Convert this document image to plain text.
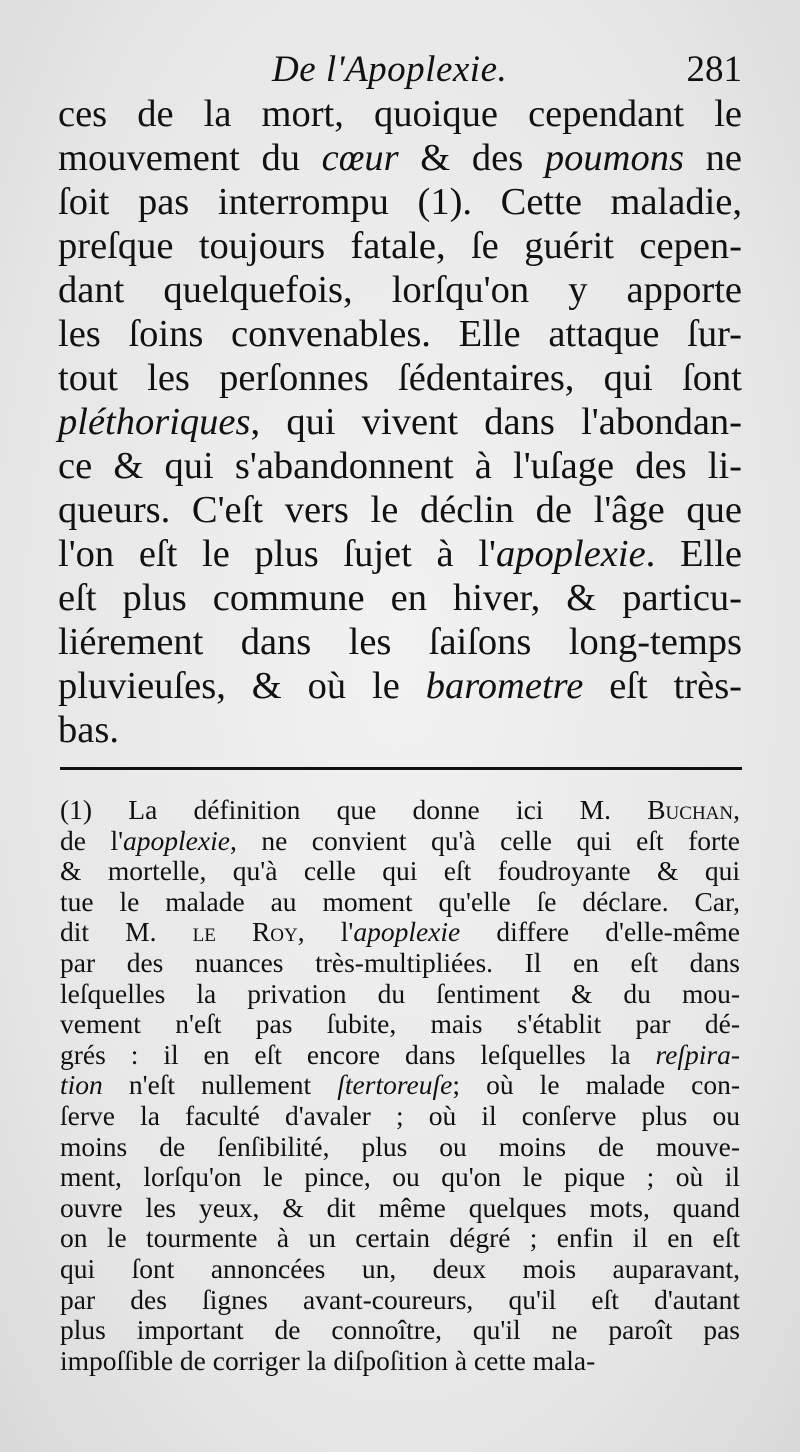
De l'Apoplexie.	281

ces de la mort, quoique cependant le
mouvement du cœur & des poumons ne
ſoit pas interrompu (1). Cette maladie,
preſque toujours fatale, ſe guérit cepen-
dant quelquefois, lorſqu'on y apporte
les ſoins convenables. Elle attaque ſur-
tout les perſonnes ſédentaires, qui ſont
pléthoriques, qui vivent dans l'abondan-
ce & qui s'abandonnent à l'uſage des li-
queurs. C'eſt vers le déclin de l'âge que
l'on eſt le plus ſujet à l'apoplexie. Elle
eſt plus commune en hiver, & particu-
liérement dans les ſaiſons long-temps
pluvieuſes, & où le barometre eſt très-
bas.

(1) La définition que donne ici M. Buchan,
de l'apoplexie, ne convient qu'à celle qui eſt forte
& mortelle, qu'à celle qui eſt foudroyante & qui
tue le malade au moment qu'elle ſe déclare. Car,
dit M. le Roy, l'apoplexie differe d'elle-même
par des nuances très-multipliées. Il en eſt dans
leſquelles la privation du ſentiment & du mou-
vement n'eſt pas ſubite, mais s'établit par dé-
grés : il en eſt encore dans leſquelles la reſpira-
tion n'eſt nullement ſtertoreuſe; où le malade con-
ſerve la faculté d'avaler ; où il conſerve plus ou
moins de ſenſibilité, plus ou moins de mouve-
ment, lorſqu'on le pince, ou qu'on le pique ; où il
ouvre les yeux, & dit même quelques mots, quand
on le tourmente à un certain dégré ; enfin il en eſt
qui ſont annoncées un, deux mois auparavant,
par des ſignes avant-coureurs, qu'il eſt d'autant
plus important de connoître, qu'il ne paroît pas
impoſſible de corriger la diſpoſition à cette mala-
